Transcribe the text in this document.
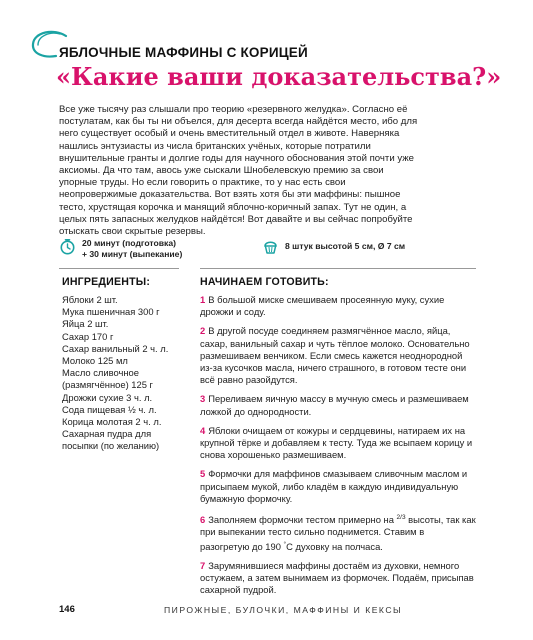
ЯБЛОЧНЫЕ МАФФИНЫ С КОРИЦЕЙ
«Какие ваши доказательства?»

Все уже тысячу раз слышали про теорию «резервного желудка». Согласно её постулатам, как бы ты ни объелся, для десерта всегда найдётся место, ибо для него существует особый и очень вместительный отдел в животе. Наверняка нашлись энтузиасты из числа британских учёных, которые потратили внушительные гранты и долгие годы для научного обоснования этой почти уже аксиомы. Да что там, авось уже сыскали Шнобелевскую премию за свои упорные труды. Но если говорить о практике, то у нас есть свои неопровержимые доказательства. Вот взять хотя бы эти маффины: пышное тесто, хрустящая корочка и манящий яблочно-коричный запах. Тут не один, а целых пять запасных желудков найдётся! Вот давайте и вы сейчас попробуйте отыскать свои скрытые резервы.

20 минут (подготовка)
+ 30 минут (выпекание)
8 штук высотой 5 см, Ø 7 см
ИНГРЕДИЕНТЫ:	НАЧИНАЕМ ГОТОВИТЬ:
Яблоки 2 шт.
Мука пшеничная 300 г
Яйца 2 шт.
Сахар 170 г
Сахар ванильный 2 ч. л.
Молоко 125 мл
Масло сливочное (размягчённое) 125 г
Дрожжи сухие 3 ч. л.
Сода пищевая ½ ч. л.
Корица молотая 2 ч. л.
Сахарная пудра для посыпки (по желанию)
1 В большой миске смешиваем просеянную муку, сухие дрожжи и соду.
2 В другой посуде соединяем размягчённое масло, яйца, сахар, ванильный сахар и чуть тёплое молоко. Основательно размешиваем венчиком. Если смесь кажется неоднородной из-за кусочков масла, ничего страшного, в готовом тесте они всё равно разойдутся.
3 Переливаем яичную массу в мучную смесь и размешиваем ложкой до однородности.
4 Яблоки очищаем от кожуры и сердцевины, натираем их на крупной тёрке и добавляем к тесту. Туда же всыпаем корицу и снова хорошенько размешиваем.
5 Формочки для маффинов смазываем сливочным маслом и присыпаем мукой, либо кладём в каждую индивидуальную бумажную формочку.
6 Заполняем формочки тестом примерно на $^{2/3}$ высоты, так как при выпекании тесто сильно поднимется. Ставим в разогретую до 190 °С духовку на полчаса.
7 Зарумянившиеся маффины достаём из духовки, немного остужаем, а затем вынимаем из формочек. Подаём, присыпав сахарной пудрой.
146	ПИРОЖНЫЕ, БУЛОЧКИ, МАФФИНЫ И КЕКСЫ
